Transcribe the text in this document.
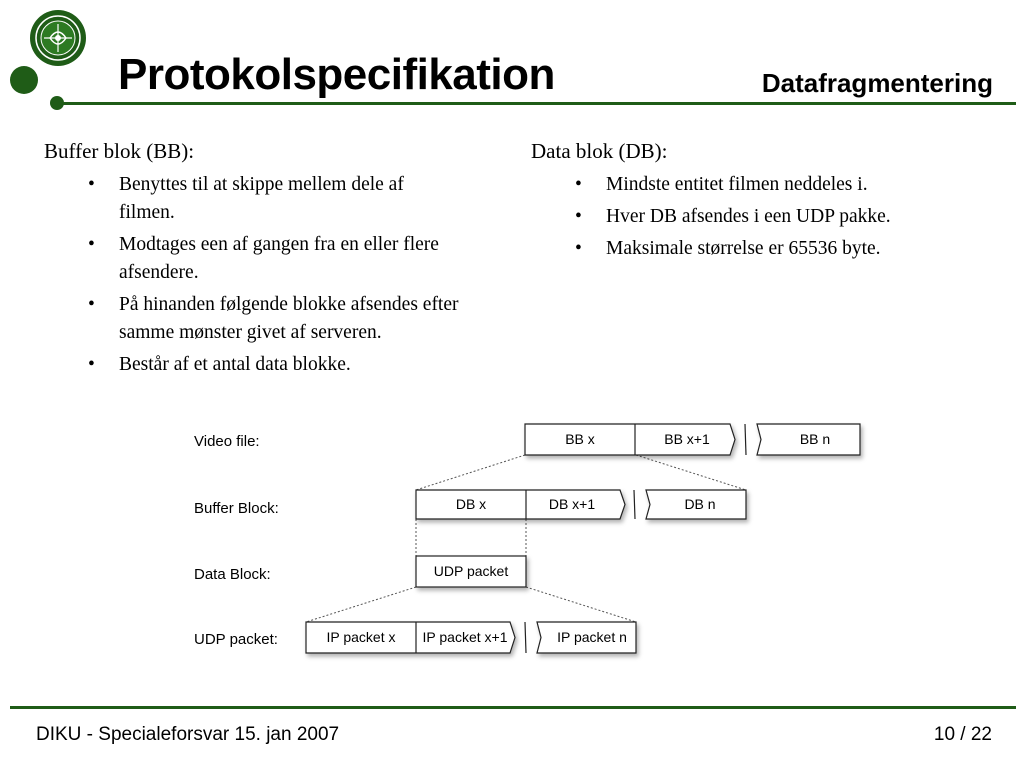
Protokolspecifikation	Datafragmentering
Buffer blok (BB):
• Benyttes til at skippe mellem dele af
filmen.
• Modtages een af gangen fra en eller flere
afsendere.
• På hinanden følgende blokke afsendes efter
samme mønster givet af serveren.
• Består af et antal data blokke.
Data blok (DB):
• Mindste entitet filmen neddeles i.
• Hver DB afsendes i een UDP pakke.
• Maksimale størrelse er 65536 byte.
Video file:
Buffer Block:
Data Block:
UDP packet:
BB x	BB x+1	BB n
DB x	DB x+1	DB n
UDP packet
IP packet x IP packet x+1	IP packet n
DIKU - Specialeforsvar 15. jan 2007	10 / 22
